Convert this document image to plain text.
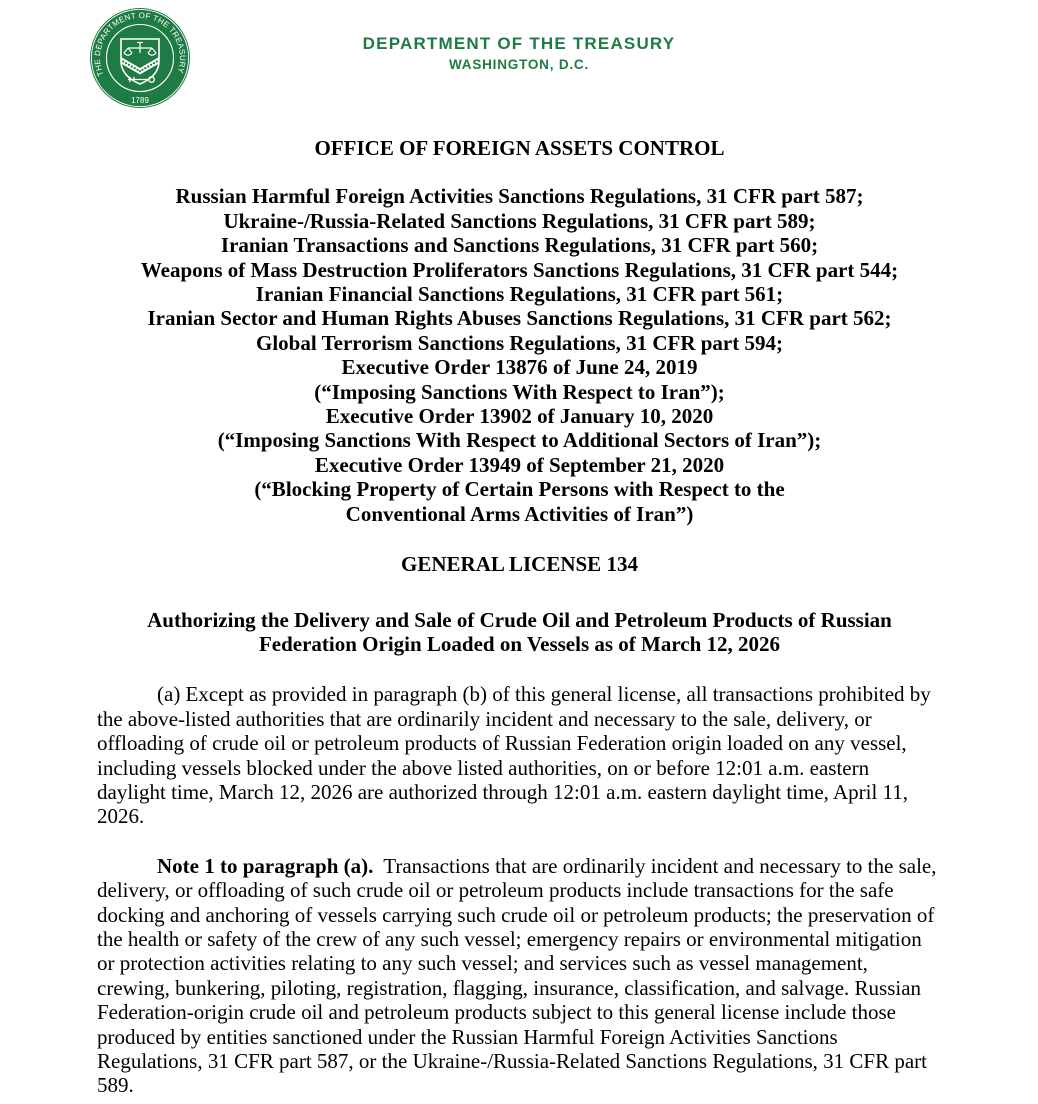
THE DEPARTMENT OF THE TREASURY
1789
DEPARTMENT OF THE TREASURY
WASHINGTON, D.C.
OFFICE OF FOREIGN ASSETS CONTROL
Russian Harmful Foreign Activities Sanctions Regulations, 31 CFR part 587;
Ukraine-/Russia-Related Sanctions Regulations, 31 CFR part 589;
Iranian Transactions and Sanctions Regulations, 31 CFR part 560;
Weapons of Mass Destruction Proliferators Sanctions Regulations, 31 CFR part 544;
Iranian Financial Sanctions Regulations, 31 CFR part 561;
Iranian Sector and Human Rights Abuses Sanctions Regulations, 31 CFR part 562;
Global Terrorism Sanctions Regulations, 31 CFR part 594;
Executive Order 13876 of June 24, 2019
(“Imposing Sanctions With Respect to Iran”);
Executive Order 13902 of January 10, 2020
(“Imposing Sanctions With Respect to Additional Sectors of Iran”);
Executive Order 13949 of September 21, 2020
(“Blocking Property of Certain Persons with Respect to the
Conventional Arms Activities of Iran”)
GENERAL LICENSE 134
Authorizing the Delivery and Sale of Crude Oil and Petroleum Products of Russian
Federation Origin Loaded on Vessels as of March 12, 2026

(a) Except as provided in paragraph (b) of this general license, all transactions prohibited by the above-listed authorities that are ordinarily incident and necessary to the sale, delivery, or offloading of crude oil or petroleum products of Russian Federation origin loaded on any vessel, including vessels blocked under the above listed authorities, on or before 12:01 a.m. eastern daylight time, March 12, 2026 are authorized through 12:01 a.m. eastern daylight time, April 11, 2026.

Note 1 to paragraph (a). Transactions that are ordinarily incident and necessary to the sale, delivery, or offloading of such crude oil or petroleum products include transactions for the safe docking and anchoring of vessels carrying such crude oil or petroleum products; the preservation of the health or safety of the crew of any such vessel; emergency repairs or environmental mitigation or protection activities relating to any such vessel; and services such as vessel management, crewing, bunkering, piloting, registration, flagging, insurance, classification, and salvage. Russian Federation-origin crude oil and petroleum products subject to this general license include those produced by entities sanctioned under the Russian Harmful Foreign Activities Sanctions Regulations, 31 CFR part 587, or the Ukraine-/Russia-Related Sanctions Regulations, 31 CFR part 589.
